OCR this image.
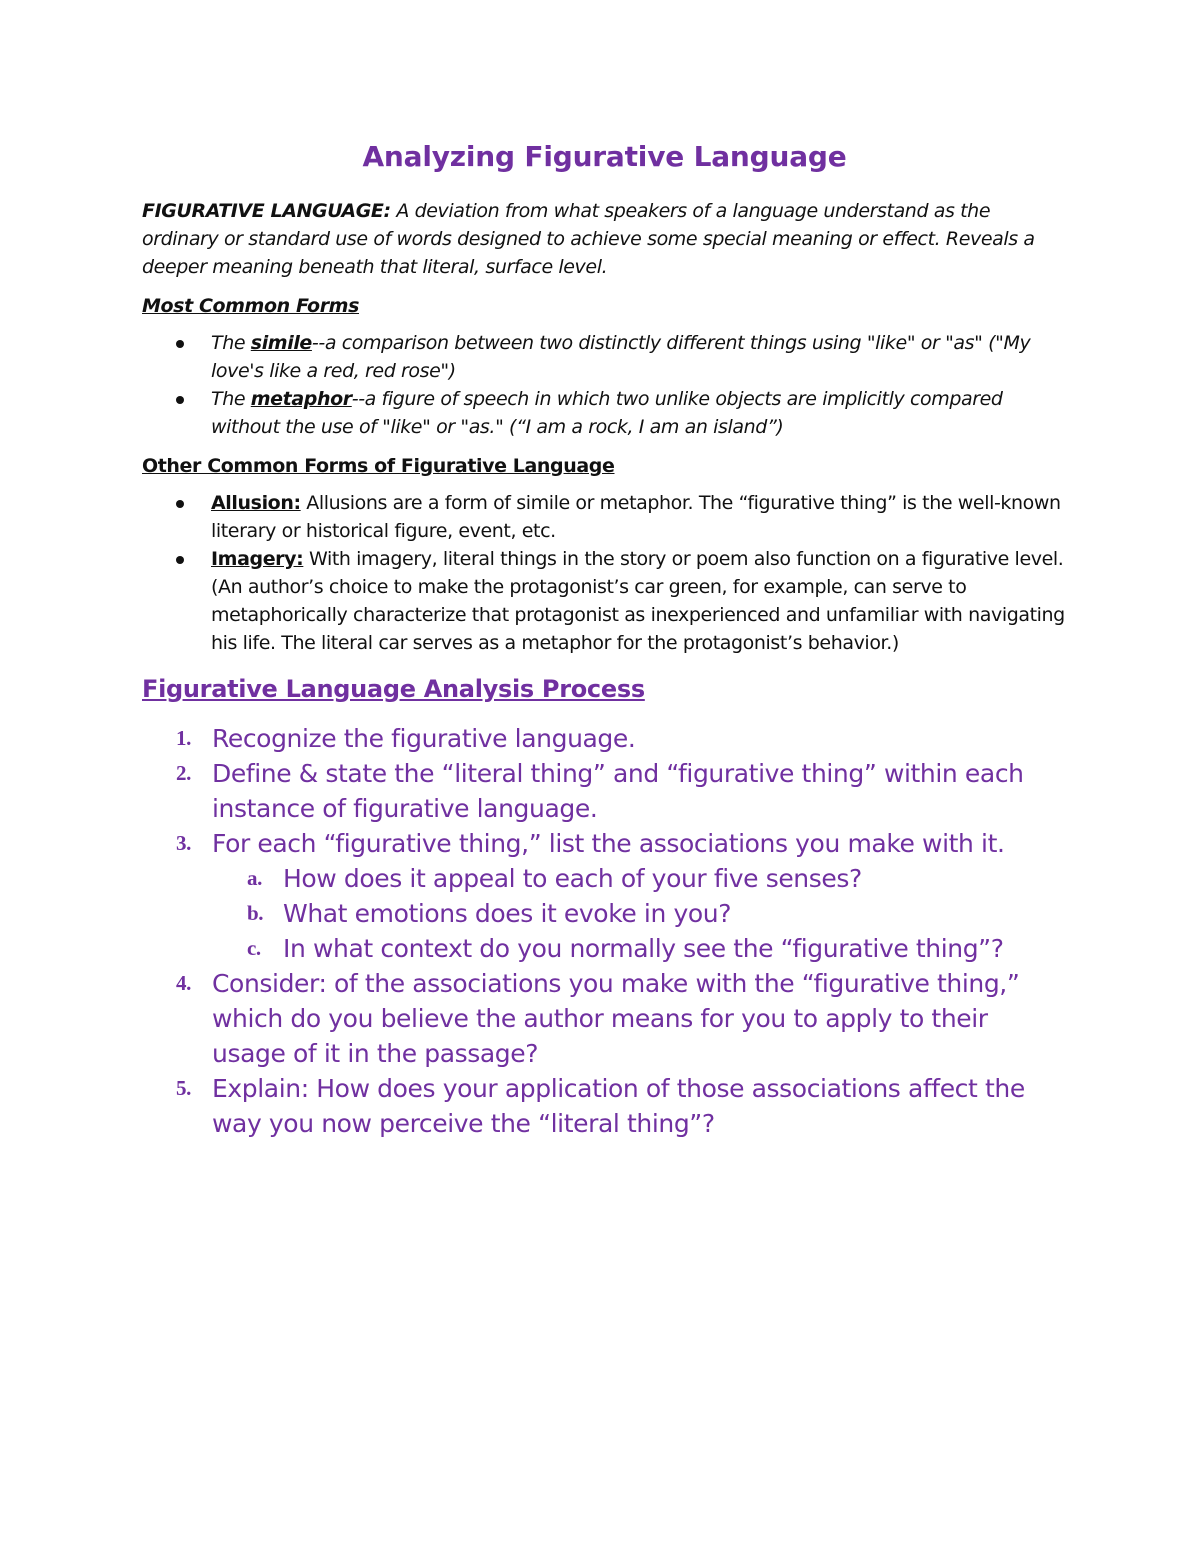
Analyzing Figurative Language

FIGURATIVE LANGUAGE: A deviation from what speakers of a language understand as the ordinary or standard use of words designed to achieve some special meaning or effect. Reveals a deeper meaning beneath that literal, surface level.

Most Common Forms
The simile--a comparison between two distinctly different things using "like" or "as" ("My love's like a red, red rose")
The metaphor--a figure of speech in which two unlike objects are implicitly compared without the use of "like" or "as." (“I am a rock, I am an island”)
Other Common Forms of Figurative Language
Allusion: Allusions are a form of simile or metaphor. The “figurative thing” is the well-known literary or historical figure, event, etc.
Imagery: With imagery, literal things in the story or poem also function on a figurative level. (An author’s choice to make the protagonist’s car green, for example, can serve to metaphorically characterize that protagonist as inexperienced and unfamiliar with navigating his life. The literal car serves as a metaphor for the protagonist’s behavior.)
Figurative Language Analysis Process
1. Recognize the figurative language.
2. Define & state the “literal thing” and “figurative thing” within each instance of figurative language.
3. For each “figurative thing,” list the associations you make with it.
a. How does it appeal to each of your five senses?
b. What emotions does it evoke in you?
c. In what context do you normally see the “figurative thing”?
4. Consider: of the associations you make with the “figurative thing,” which do you believe the author means for you to apply to their usage of it in the passage?
5. Explain: How does your application of those associations affect the way you now perceive the “literal thing”?
